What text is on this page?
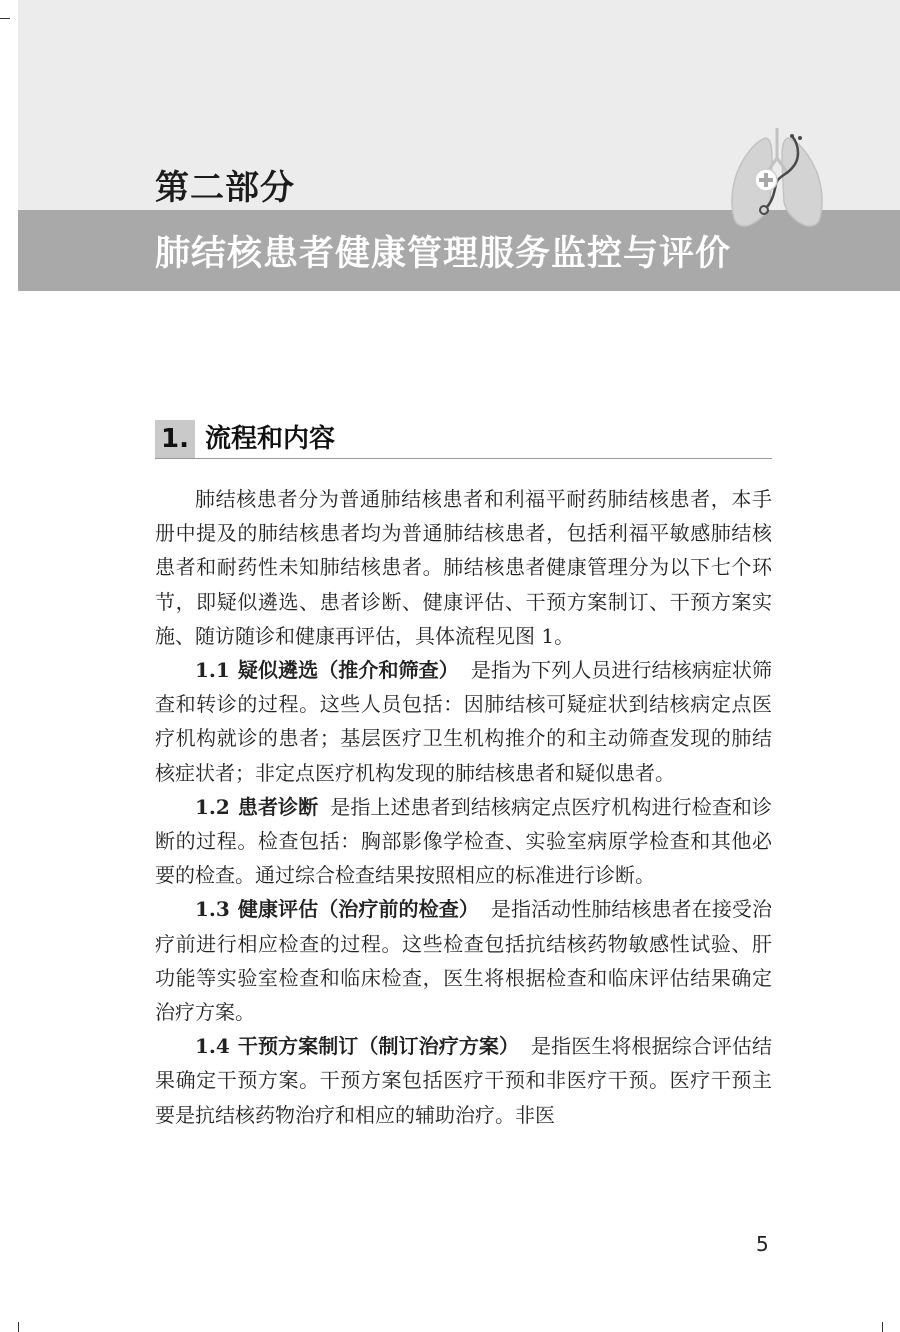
第二部分
肺结核患者健康管理服务监控与评价
1. 流程和内容

肺结核患者分为普通肺结核患者和利福平耐药肺结核患者，本手册中提及的肺结核患者均为普通肺结核患者，包括利福平敏感肺结核患者和耐药性未知肺结核患者。肺结核患者健康管理分为以下七个环节，即疑似遴选、患者诊断、健康评估、干预方案制订、干预方案实施、随访随诊和健康再评估，具体流程见图 1。

1.1 疑似遴选（推介和筛查） 是指为下列人员进行结核病症状筛查和转诊的过程。这些人员包括：因肺结核可疑症状到结核病定点医疗机构就诊的患者；基层医疗卫生机构推介的和主动筛查发现的肺结核症状者；非定点医疗机构发现的肺结核患者和疑似患者。

1.2 患者诊断 是指上述患者到结核病定点医疗机构进行检查和诊断的过程。检查包括：胸部影像学检查、实验室病原学检查和其他必要的检查。通过综合检查结果按照相应的标准进行诊断。

1.3 健康评估（治疗前的检查） 是指活动性肺结核患者在接受治疗前进行相应检查的过程。这些检查包括抗结核药物敏感性试验、肝功能等实验室检查和临床检查，医生将根据检查和临床评估结果确定治疗方案。

1.4 干预方案制订（制订治疗方案） 是指医生将根据综合评估结果确定干预方案。干预方案包括医疗干预和非医疗干预。医疗干预主要是抗结核药物治疗和相应的辅助治疗。非医

5
